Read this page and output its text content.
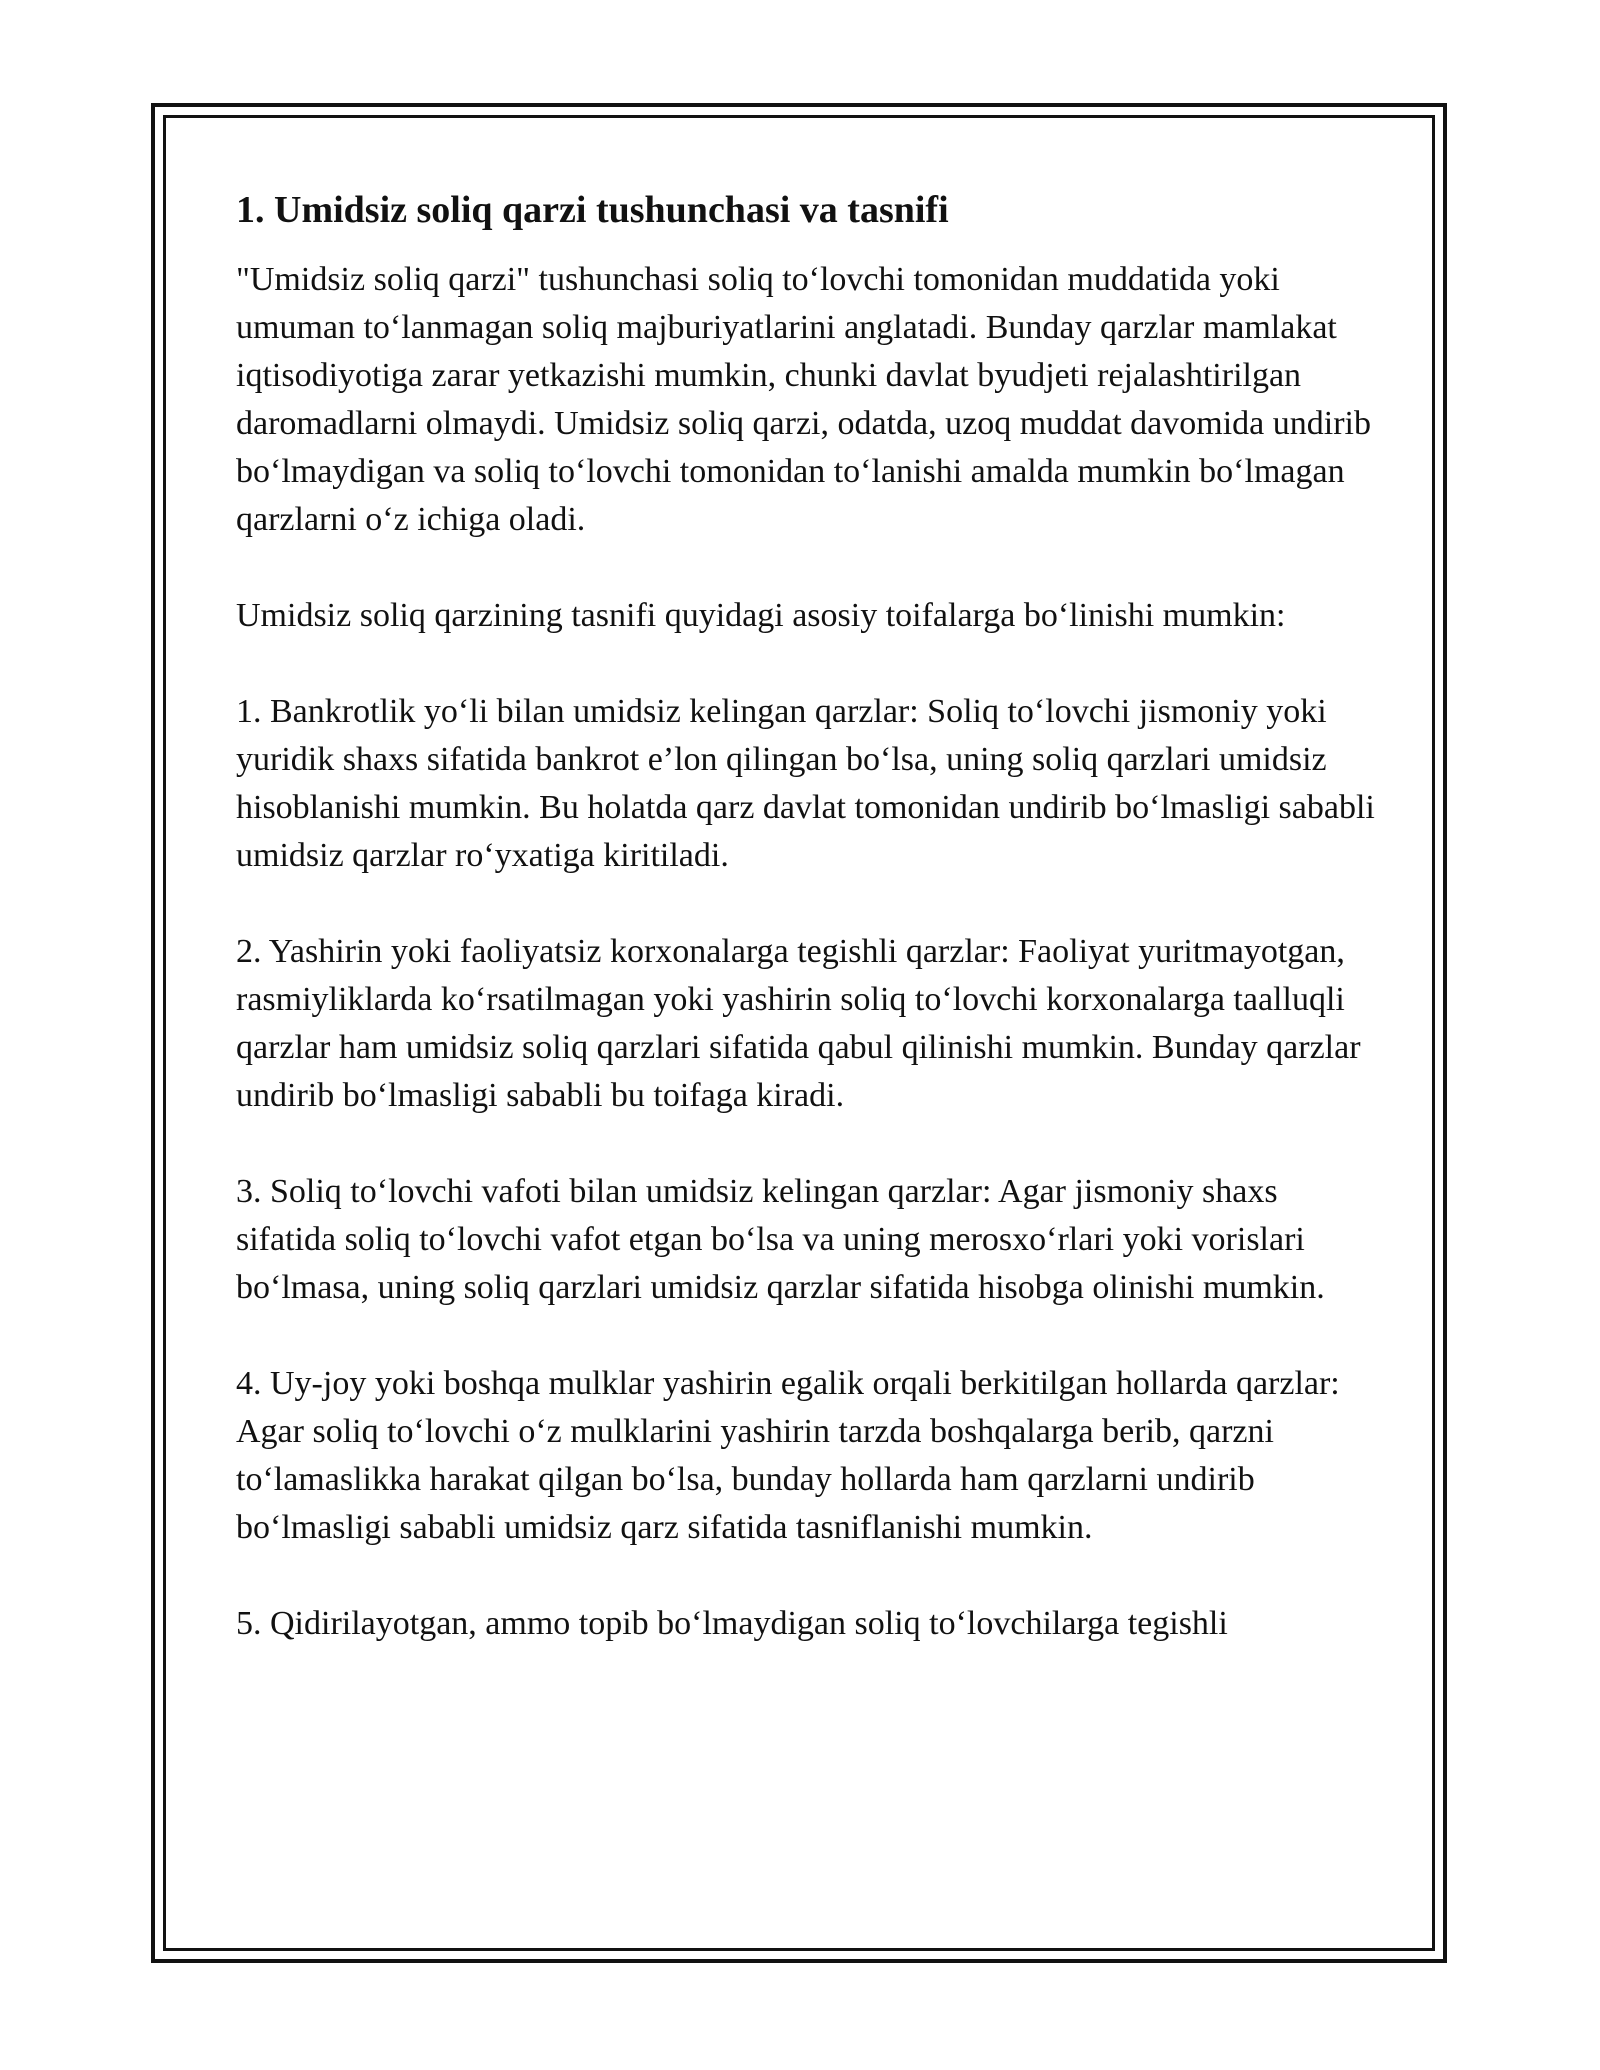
1. Umidsiz soliq qarzi tushunchasi va tasnifi

"Umidsiz soliq qarzi" tushunchasi soliq to‘lovchi tomonidan muddatida yoki umuman to‘lanmagan soliq majburiyatlarini anglatadi. Bunday qarzlar mamlakat iqtisodiyotiga zarar yetkazishi mumkin, chunki davlat byudjeti rejalashtirilgan daromadlarni olmaydi. Umidsiz soliq qarzi, odatda, uzoq muddat davomida undirib bo‘lmaydigan va soliq to‘lovchi tomonidan to‘lanishi amalda mumkin bo‘lmagan qarzlarni o‘z ichiga oladi.

Umidsiz soliq qarzining tasnifi quyidagi asosiy toifalarga bo‘linishi mumkin:

1. Bankrotlik yo‘li bilan umidsiz kelingan qarzlar: Soliq to‘lovchi jismoniy yoki yuridik shaxs sifatida bankrot e’lon qilingan bo‘lsa, uning soliq qarzlari umidsiz hisoblanishi mumkin. Bu holatda qarz davlat tomonidan undirib bo‘lmasligi sababli umidsiz qarzlar ro‘yxatiga kiritiladi.

2. Yashirin yoki faoliyatsiz korxonalarga tegishli qarzlar: Faoliyat yuritmayotgan, rasmiyliklarda ko‘rsatilmagan yoki yashirin soliq to‘lovchi korxonalarga taalluqli qarzlar ham umidsiz soliq qarzlari sifatida qabul qilinishi mumkin. Bunday qarzlar undirib bo‘lmasligi sababli bu toifaga kiradi.

3. Soliq to‘lovchi vafoti bilan umidsiz kelingan qarzlar: Agar jismoniy shaxs sifatida soliq to‘lovchi vafot etgan bo‘lsa va uning merosxo‘rlari yoki vorislari bo‘lmasa, uning soliq qarzlari umidsiz qarzlar sifatida hisobga olinishi mumkin.

4. Uy-joy yoki boshqa mulklar yashirin egalik orqali berkitilgan hollarda qarzlar: Agar soliq to‘lovchi o‘z mulklarini yashirin tarzda boshqalarga berib, qarzni to‘lamaslikka harakat qilgan bo‘lsa, bunday hollarda ham qarzlarni undirib bo‘lmasligi sababli umidsiz qarz sifatida tasniflanishi mumkin.

5. Qidirilayotgan, ammo topib bo‘lmaydigan soliq to‘lovchilarga tegishli
